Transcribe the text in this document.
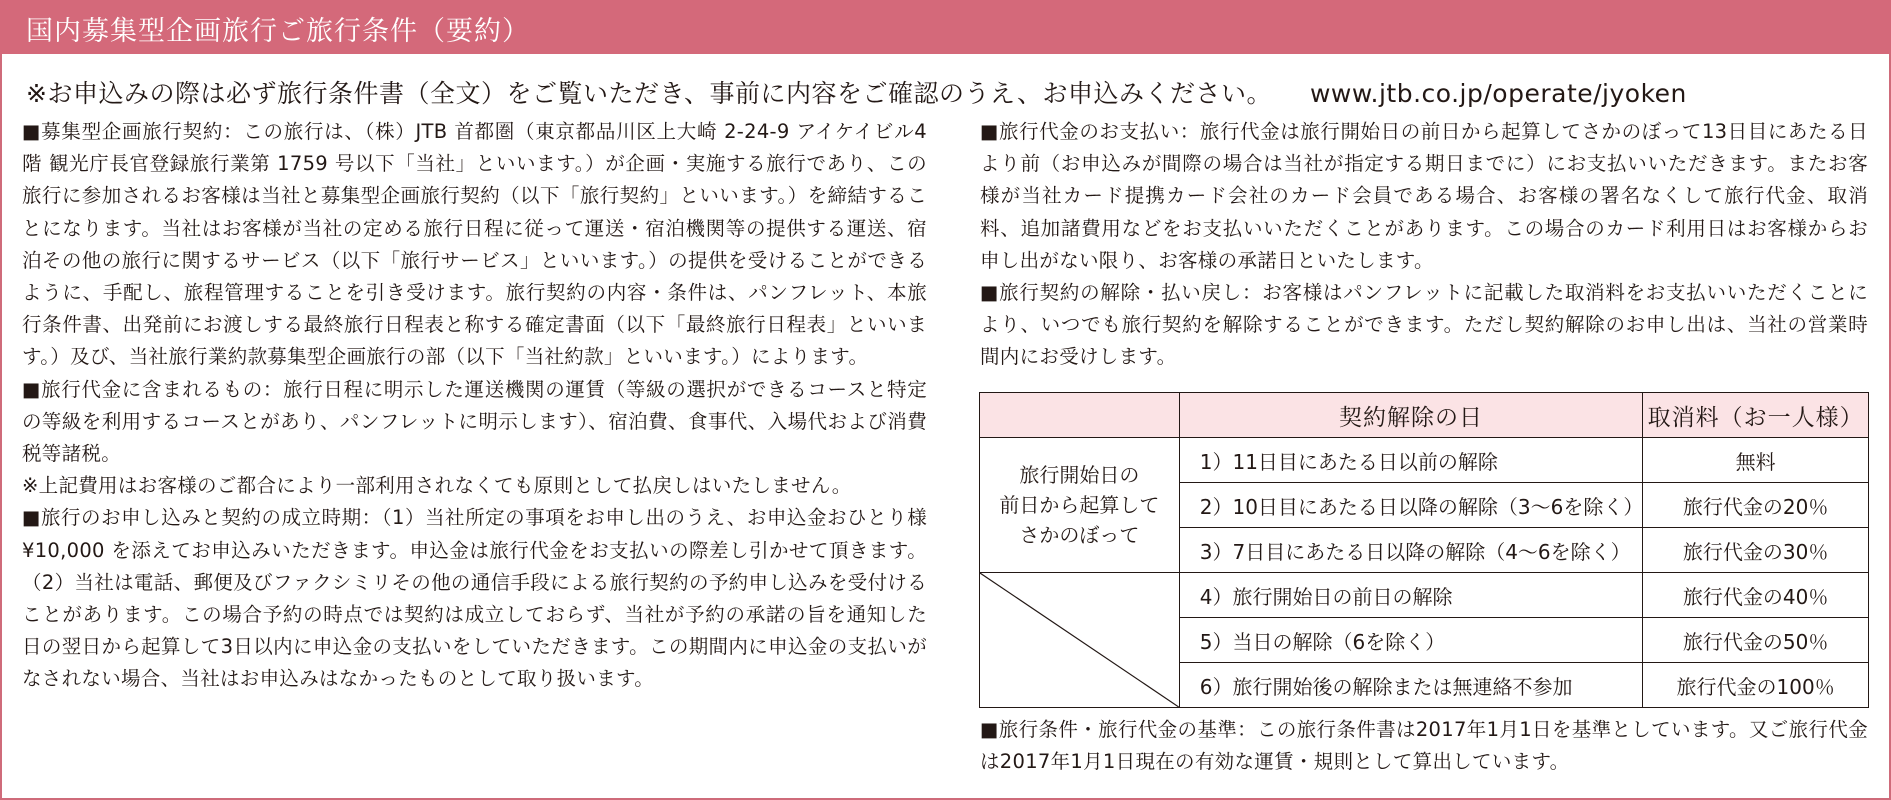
国内募集型企画旅行ご旅行条件（要約）
※お申込みの際は必ず旅行条件書（全文）をご覧いただき、事前に内容をご確認のうえ、お申込みください。 www.jtb.co.jp/operate/jyoken

■募集型企画旅行契約：この旅行は、（株）JTB 首都圏（東京都品川区上大崎 2-24-9 アイケイビル4階 観光庁長官登録旅行業第 1759 号以下「当社」といいます。）が企画・実施する旅行であり、この旅行に参加されるお客様は当社と募集型企画旅行契約（以下「旅行契約」といいます。）を締結することになります。当社はお客様が当社の定める旅行日程に従って運送・宿泊機関等の提供する運送、宿泊その他の旅行に関するサービス（以下「旅行サービス」といいます。）の提供を受けることができるように、手配し、旅程管理することを引き受けます。旅行契約の内容・条件は、パンフレット、本旅行条件書、出発前にお渡しする最終旅行日程表と称する確定書面（以下「最終旅行日程表」といいます。）及び、当社旅行業約款募集型企画旅行の部（以下「当社約款」といいます。）によります。

■旅行代金に含まれるもの：旅行日程に明示した運送機関の運賃（等級の選択ができるコースと特定の等級を利用するコースとがあり、パンフレットに明示します）、宿泊費、食事代、入場代および消費税等諸税。

※上記費用はお客様のご都合により一部利用されなくても原則として払戻しはいたしません。

■旅行のお申し込みと契約の成立時期：（1）当社所定の事項をお申し出のうえ、お申込金おひとり様¥10,000 を添えてお申込みいただきます。申込金は旅行代金をお支払いの際差し引かせて頂きます。（2）当社は電話、郵便及びファクシミリその他の通信手段による旅行契約の予約申し込みを受付けることがあります。この場合予約の時点では契約は成立しておらず、当社が予約の承諾の旨を通知した日の翌日から起算して3日以内に申込金の支払いをしていただきます。この期間内に申込金の支払いがなされない場合、当社はお申込みはなかったものとして取り扱います。

■旅行代金のお支払い：旅行代金は旅行開始日の前日から起算してさかのぼって13日目にあたる日より前（お申込みが間際の場合は当社が指定する期日までに）にお支払いいただきます。またお客様が当社カード提携カード会社のカード会員である場合、お客様の署名なくして旅行代金、取消料、追加諸費用などをお支払いいただくことがあります。この場合のカード利用日はお客様からお申し出がない限り、お客様の承諾日といたします。

■旅行契約の解除・払い戻し：お客様はパンフレットに記載した取消料をお支払いいただくことにより、いつでも旅行契約を解除することができます。ただし契約解除のお申し出は、当社の営業時間内にお受けします。

	契約解除の日	取消料（お一人様）
旅行開始日の
前日から起算して
さかのぼって	1）11日目にあたる日以前の解除	無料
	2）10日目にあたる日以降の解除（3〜6を除く）	旅行代金の20％
	3）7日目にあたる日以降の解除（4〜6を除く）	旅行代金の30％

	4）旅行開始日の前日の解除	旅行代金の40％
	5）当日の解除（6を除く）	旅行代金の50％
	6）旅行開始後の解除または無連絡不参加	旅行代金の100％

■旅行条件・旅行代金の基準：この旅行条件書は2017年1月1日を基準としています。又ご旅行代金は2017年1月1日現在の有効な運賃・規則として算出しています。
